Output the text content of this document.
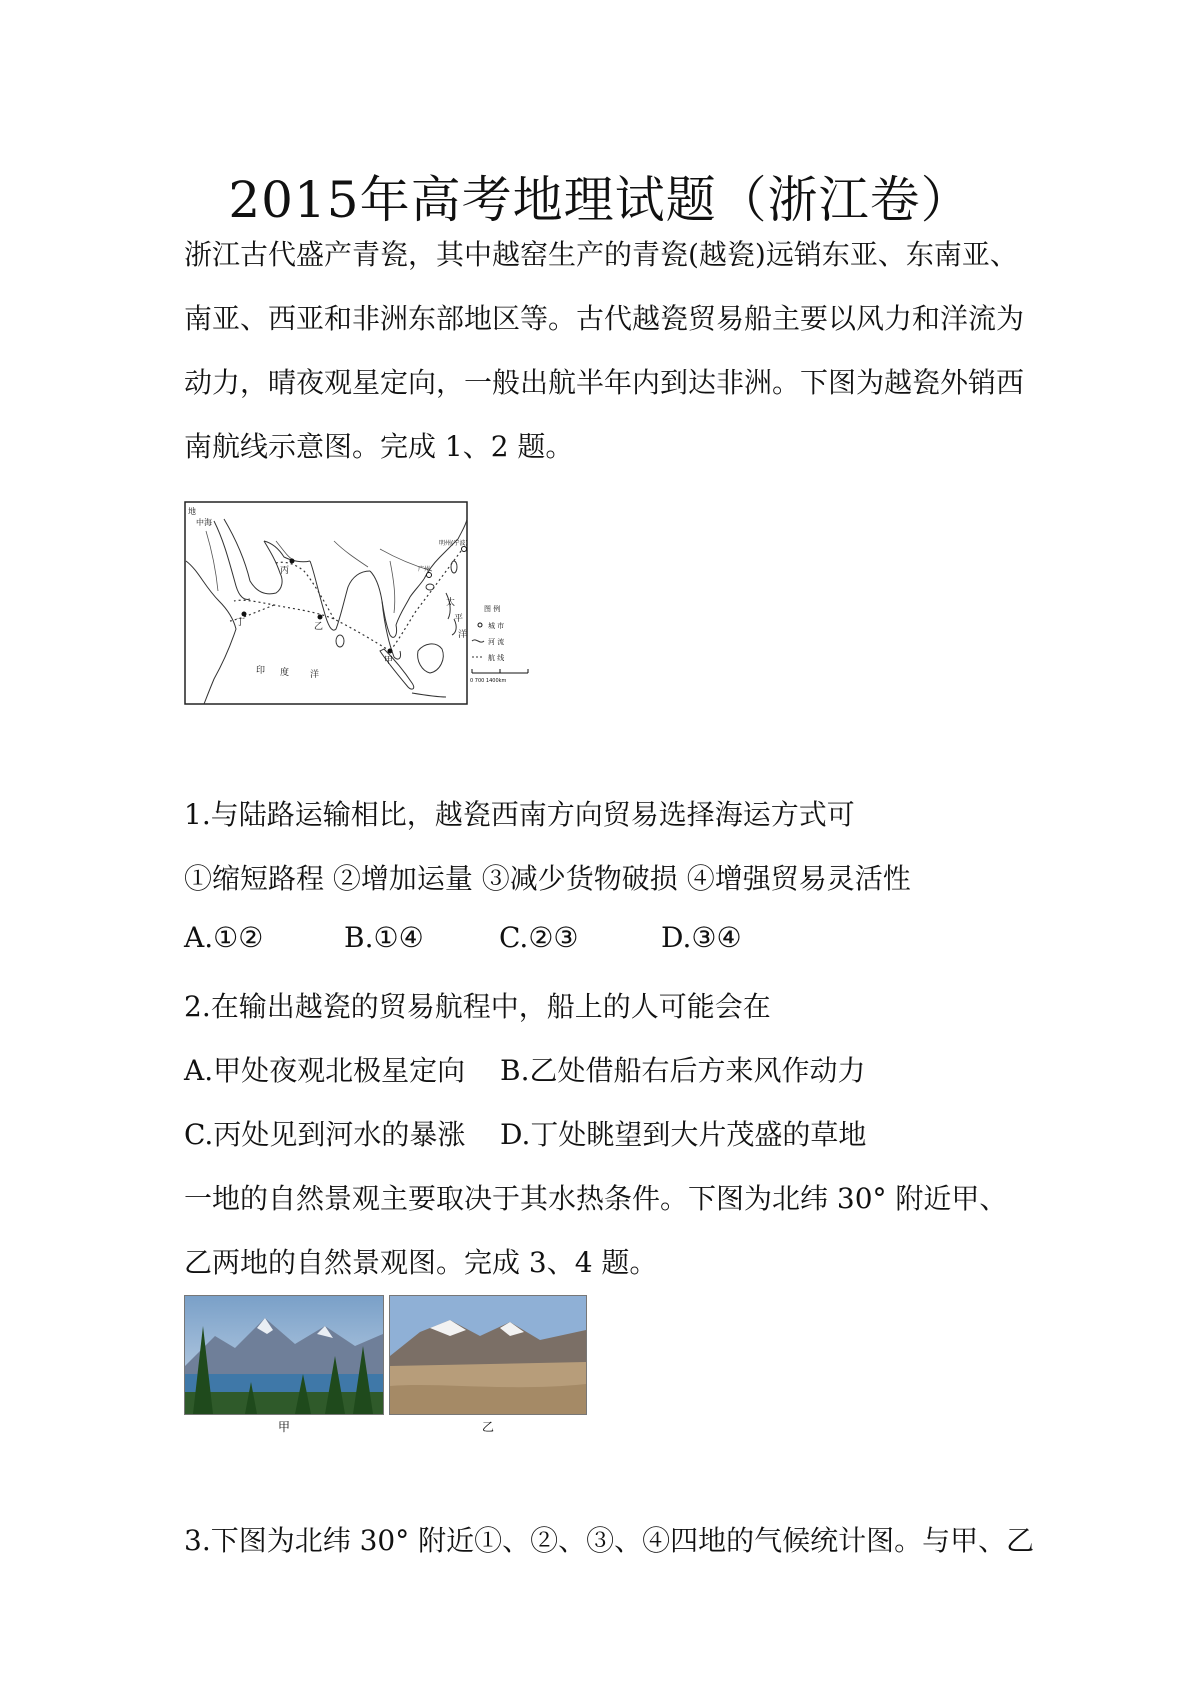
2015年高考地理试题（浙江卷）

浙江古代盛产青瓷，其中越窑生产的青瓷(越瓷)远销东亚、东南亚、

南亚、西亚和非洲东部地区等。古代越瓷贸易船主要以风力和洋流为

动力，晴夜观星定向，一般出航半年内到达非洲。下图为越瓷外销西

南航线示意图。完成 1、2 题。

地
中海
丙
丁	乙
甲
广州
明州(宁波)
太
平
洋
印 度 洋
图 例
城 市
河 流
航 线
0 700 1400km

1.与陆路运输相比，越瓷西南方向贸易选择海运方式可

①缩短路程 ②增加运量 ③减少货物破损 ④增强贸易灵活性

A.①②	B.①④	C.②③	D.③④

2.在输出越瓷的贸易航程中，船上的人可能会在

A.甲处夜观北极星定向 B.乙处借船右后方来风作动力

C.丙处见到河水的暴涨 D.丁处眺望到大片茂盛的草地

一地的自然景观主要取决于其水热条件。下图为北纬 30° 附近甲、

乙两地的自然景观图。完成 3、4 题。

甲	乙

3.下图为北纬 30° 附近①、②、③、④四地的气候统计图。与甲、乙
